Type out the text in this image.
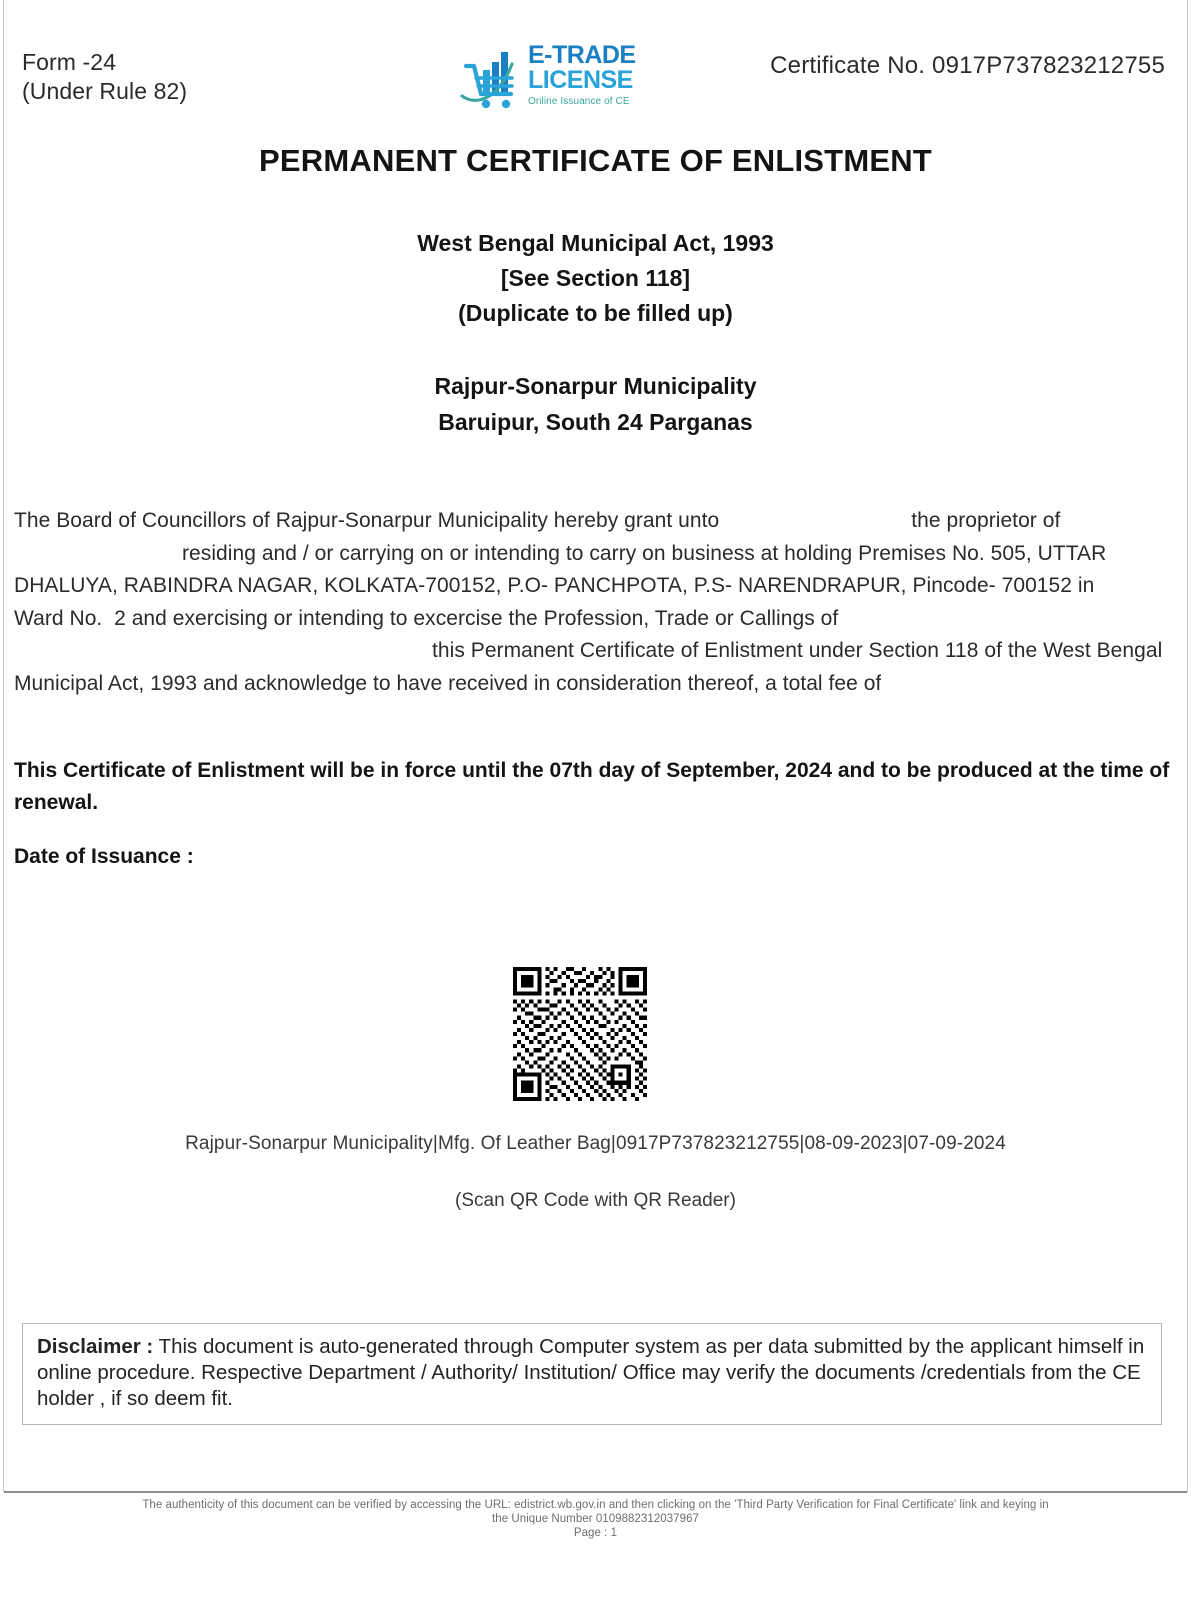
Form -24
(Under Rule 82)
E-TRADE
LICENSE
Online Issuance of CE
Certificate No. 0917P737823212755
PERMANENT CERTIFICATE OF ENLISTMENT
West Bengal Municipal Act, 1993
[See Section 118]
(Duplicate to be filled up)
Rajpur-Sonarpur Municipality
Baruipur, South 24 Parganas
The Board of Councillors of Rajpur-Sonarpur Municipality hereby grant unto	the proprietor of
residing and / or carrying on or intending to carry on business at holding Premises No. 505, UTTAR
DHALUYA, RABINDRA NAGAR, KOLKATA-700152, P.O- PANCHPOTA, P.S- NARENDRAPUR, Pincode- 700152 in
Ward No.  2 and exercising or intending to excercise the Profession, Trade or Callings of
this Permanent Certificate of Enlistment under Section 118 of the West Bengal
Municipal Act, 1993 and acknowledge to have received in consideration thereof, a total fee of
This Certificate of Enlistment will be in force until the 07th day of September, 2024 and to be produced at the time of renewal.
Date of Issuance :
Rajpur-Sonarpur Municipality|Mfg. Of Leather Bag|0917P737823212755|08-09-2023|07-09-2024
(Scan QR Code with QR Reader)
Disclaimer : This document is auto-generated through Computer system as per data submitted by the applicant himself in online procedure. Respective Department / Authority/ Institution/ Office may verify the documents /credentials from the CE holder , if so deem fit.
The authenticity of this document can be verified by accessing the URL: edistrict.wb.gov.in and then clicking on the 'Third Party Verification for Final Certificate' link and keying in
the Unique Number 0109882312037967
Page : 1
